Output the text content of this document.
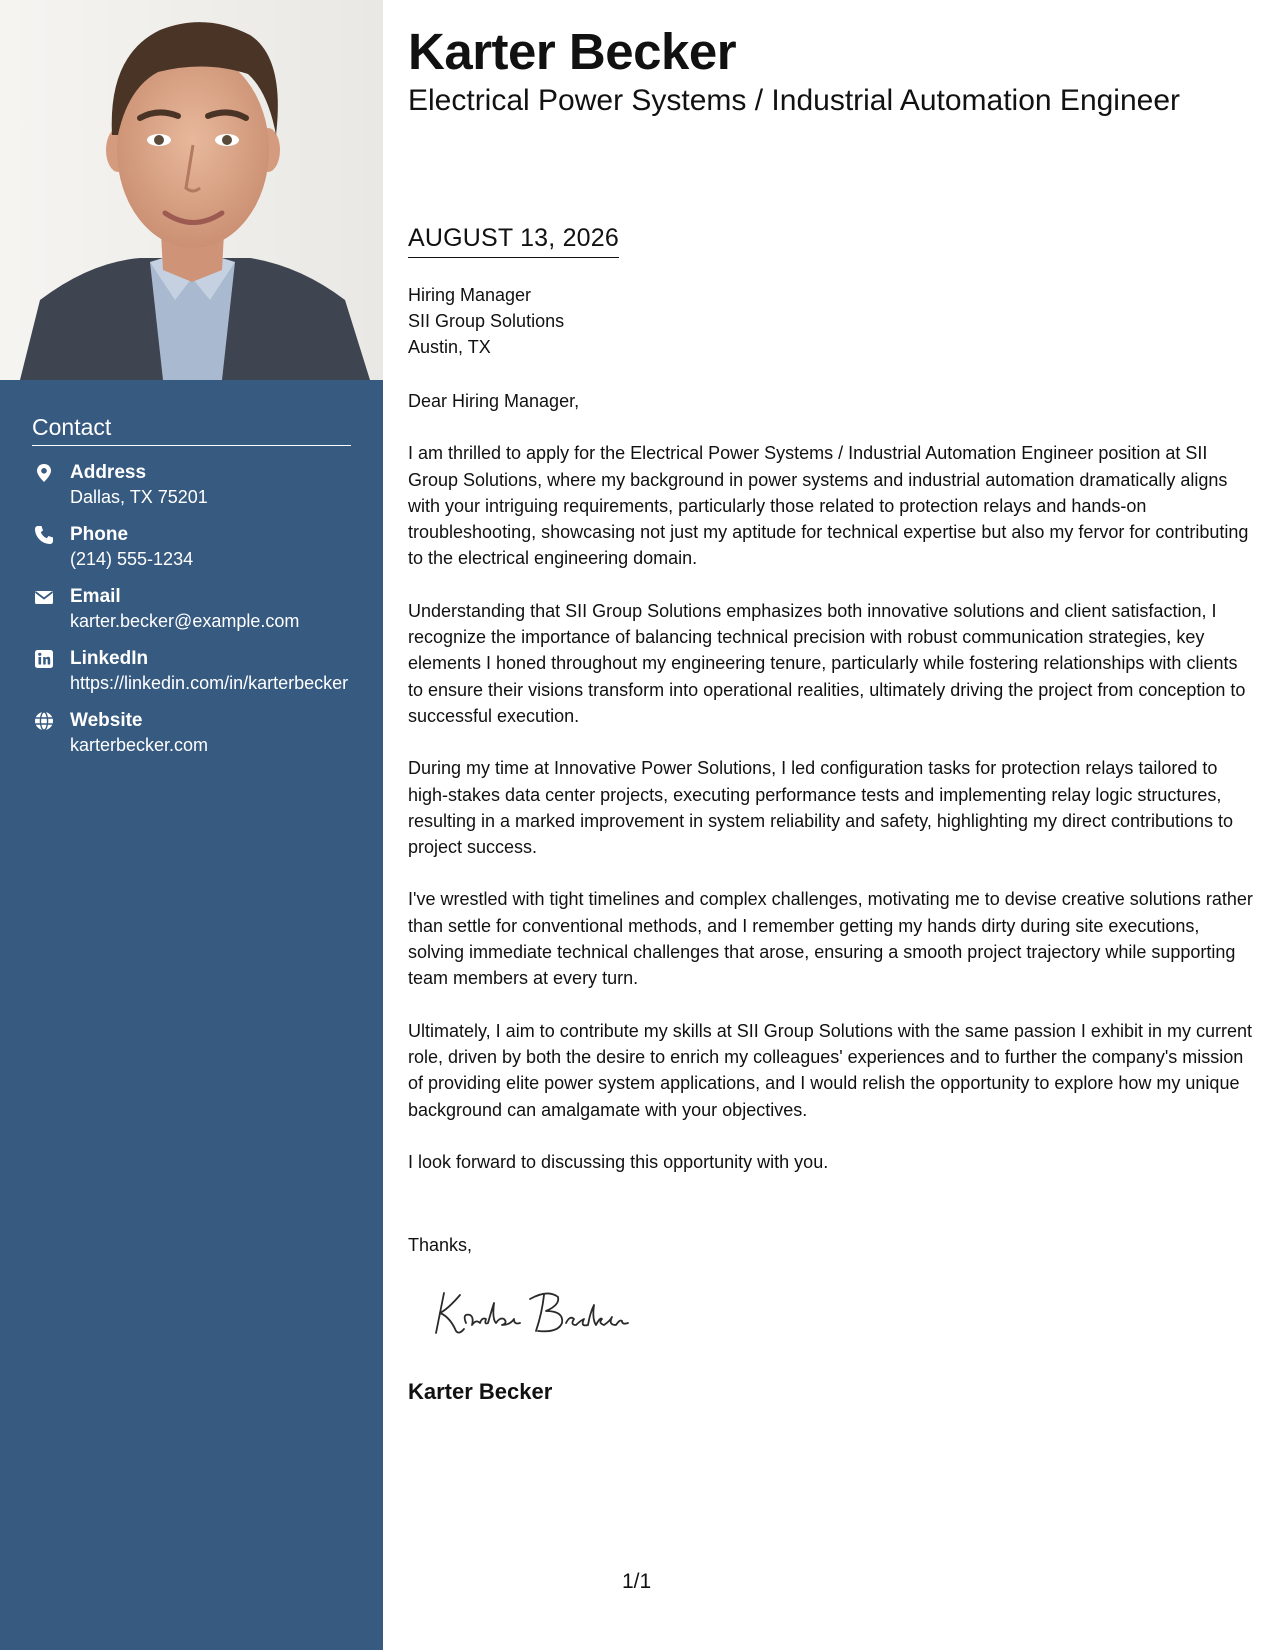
Contact
Address
Dallas, TX 75201
Phone
(214) 555-1234
Email
karter.becker@example.com
LinkedIn
https://linkedin.com/in/karterbecker
Website
karterbecker.com
Karter Becker
Electrical Power Systems / Industrial Automation Engineer
AUGUST 13, 2026
Hiring Manager
SII Group Solutions
Austin, TX

Dear Hiring Manager,

I am thrilled to apply for the Electrical Power Systems / Industrial Automation Engineer position at SII Group Solutions, where my background in power systems and industrial automation dramatically aligns with your intriguing requirements, particularly those related to protection relays and hands-on troubleshooting, showcasing not just my aptitude for technical expertise but also my fervor for contributing to the electrical engineering domain.

Understanding that SII Group Solutions emphasizes both innovative solutions and client satisfaction, I recognize the importance of balancing technical precision with robust communication strategies, key elements I honed throughout my engineering tenure, particularly while fostering relationships with clients to ensure their visions transform into operational realities, ultimately driving the project from conception to successful execution.

During my time at Innovative Power Solutions, I led configuration tasks for protection relays tailored to high-stakes data center projects, executing performance tests and implementing relay logic structures, resulting in a marked improvement in system reliability and safety, highlighting my direct contributions to project success.

I've wrestled with tight timelines and complex challenges, motivating me to devise creative solutions rather than settle for conventional methods, and I remember getting my hands dirty during site executions, solving immediate technical challenges that arose, ensuring a smooth project trajectory while supporting team members at every turn.

Ultimately, I aim to contribute my skills at SII Group Solutions with the same passion I exhibit in my current role, driven by both the desire to enrich my colleagues' experiences and to further the company's mission of providing elite power system applications, and I would relish the opportunity to explore how my unique background can amalgamate with your objectives.

I look forward to discussing this opportunity with you.

Thanks,
Karter Becker
1/1
